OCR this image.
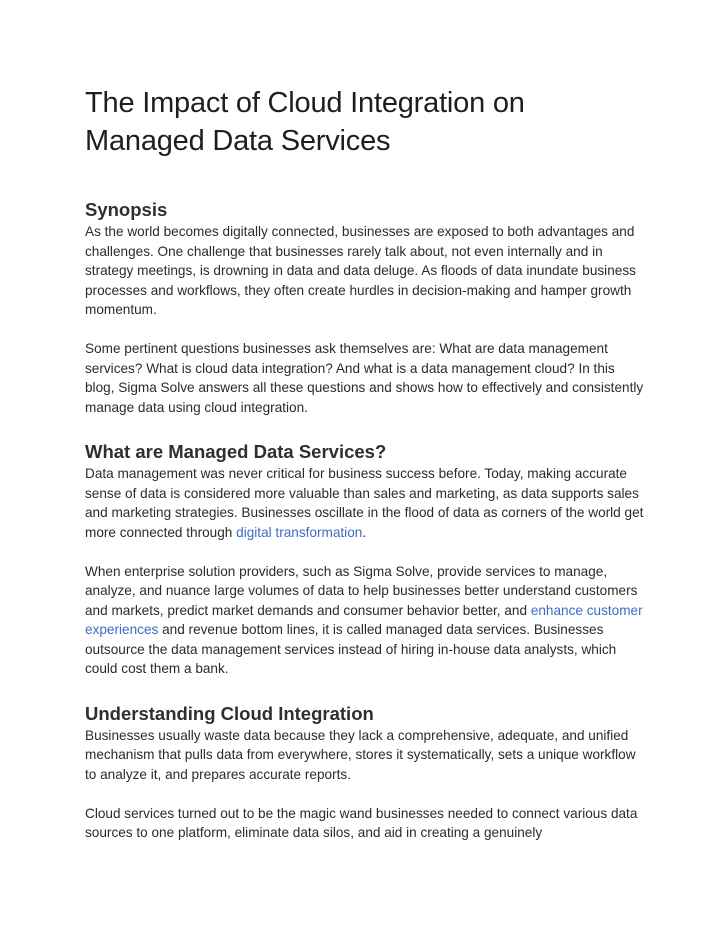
The Impact of Cloud Integration on Managed Data Services
Synopsis

As the world becomes digitally connected, businesses are exposed to both advantages and challenges. One challenge that businesses rarely talk about, not even internally and in strategy meetings, is drowning in data and data deluge. As floods of data inundate business processes and workflows, they often create hurdles in decision-making and hamper growth momentum.

Some pertinent questions businesses ask themselves are: What are data management services? What is cloud data integration? And what is a data management cloud? In this blog, Sigma Solve answers all these questions and shows how to effectively and consistently manage data using cloud integration.

What are Managed Data Services?

Data management was never critical for business success before. Today, making accurate sense of data is considered more valuable than sales and marketing, as data supports sales and marketing strategies. Businesses oscillate in the flood of data as corners of the world get more connected through digital transformation.

When enterprise solution providers, such as Sigma Solve, provide services to manage, analyze, and nuance large volumes of data to help businesses better understand customers and markets, predict market demands and consumer behavior better, and enhance customer experiences and revenue bottom lines, it is called managed data services. Businesses outsource the data management services instead of hiring in-house data analysts, which could cost them a bank.

Understanding Cloud Integration

Businesses usually waste data because they lack a comprehensive, adequate, and unified mechanism that pulls data from everywhere, stores it systematically, sets a unique workflow to analyze it, and prepares accurate reports.

Cloud services turned out to be the magic wand businesses needed to connect various data sources to one platform, eliminate data silos, and aid in creating a genuinely
